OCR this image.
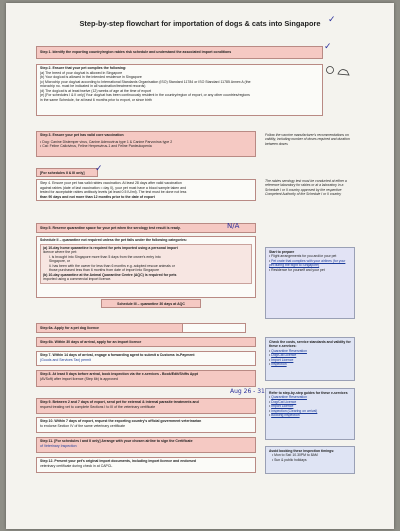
Step-by-step flowchart for importation of dogs & cats into Singapore ✓
Step 1. Identify the exporting country/region rabies risk schedule and understand the associated import conditions	✓
Step 2. Ensure that your pet complies the following:
(a) The breed of your dog/cat is allowed in Singapore
(b) Your dog/cat is allowed in the intended residence in Singapore
(c) Microchip your dog/cat according to International Standards Organisation (ISO) Standard 11784 or ISO Standard 11785 Annex A (the
microchip no. must be indicated in all vaccination/treatment records)
(d) The dog/cat is at least twelve (12) weeks of age at the time of export
(e) [For schedules I & II only] Your dog/cat has been continuously resident in the country/region of export, or any other countries/regions
in the same Schedule, for at least 6 months prior to export, or since birth
Step 3. Ensure your pet has valid core vaccination
• Dog: Canine Distemper virus, Canine Adenovirus type 1 & Canine Parvovirus type 2
• Cat: Feline Calicivirus, Feline Herpesvirus-1 and Feline Panleukopenia
Follow the vaccine manufacturer's recommendations on validity, including number of doses required and duration between doses
[For schedules II & III only]	✓
Step 4. Ensure your pet has valid rabies vaccination. At least 28 days after valid vaccination
against rabies (date of last vaccination = day 0), your pet must have a blood sample taken and
tested for acceptable rabies antibody levels (at least 0.5 IU/ml). The test must be done not less
than 90 days and not more than 12 months prior to the date of export
The rabies serology test must be conducted at either a reference laboratory for rabies or at a laboratory in a Schedule I or II country approved by the respective Competent Authority of the Schedule I or II country
Step 5. Reserve quarantine space for your pet when the serology test result is ready.	N/A
Schedule II – quarantine not required unless the pet fails under the following categories:
(a) 10-day home quarantine is required for pets imported using a personal import
licence where the pet:
i. is brought into Singapore more than 5 days from the owner's entry into
Singapore, or
ii. has been with the owner for less than 6 months e.g. adopted rescue animals or
those purchased less than 6 months from date of import into Singapore
(b) 10-day quarantine at the Animal Quarantine Centre (AQC) is required for pets
imported using a commercial import licence.
Schedule III – quarantine 30 days at AQC
Start to prepare
• Flight arrangements for you and/or your pet
• Pet crate that complies with your airlines (for your pet during the flight to Singapore)
• Residence for yourself and your pet
Step 6a. Apply for a pet dog licence
Step 6b. Within 30 days of arrival, apply for an import licence
Step 7. Within 14 days of arrival, engage a forwarding agent to submit a Customs in-Payment
(Goods and Services Tax) permit
Step 8. At least 5 days before arrival, book inspection via the e-services - Book/Edit/Shifts Appt
(AVSoft) after import licence (Step 6b) is approved
Aug 26 - 31
Check the costs, service standards and validity for these e-services:
• Quarantine Reservation
• Dog/Cat Licence
• Import Licence
• Inspection
Step 9. Between 2 and 7 days of export, send pet for external & internal parasite treatments and
request treating vet to complete Sections I to III of the veterinary certificate
Step 10. Within 7 days of export, request the exporting country's official government veterinarian
to endorse Section IV of the same veterinary certificate
Refer to step-by-step guides for these e-services
• Quarantine Reservation
• Dog/Cat Licence
• Import Licence
• Inspection (Clearing on arrival)
• Booking inspection
Step 11. [For schedules I and II only] Arrange with your chosen airline to sign the Certificate
of Veterinary Inspection
Step 12. Present your pet's original import documents, including import licence and endorsed
veterinary certificate during check in at CAPCL
Avoid booking these inspection timings:
• Mon to Sat: 10.30PM to 8AM
• Sun & public holidays
